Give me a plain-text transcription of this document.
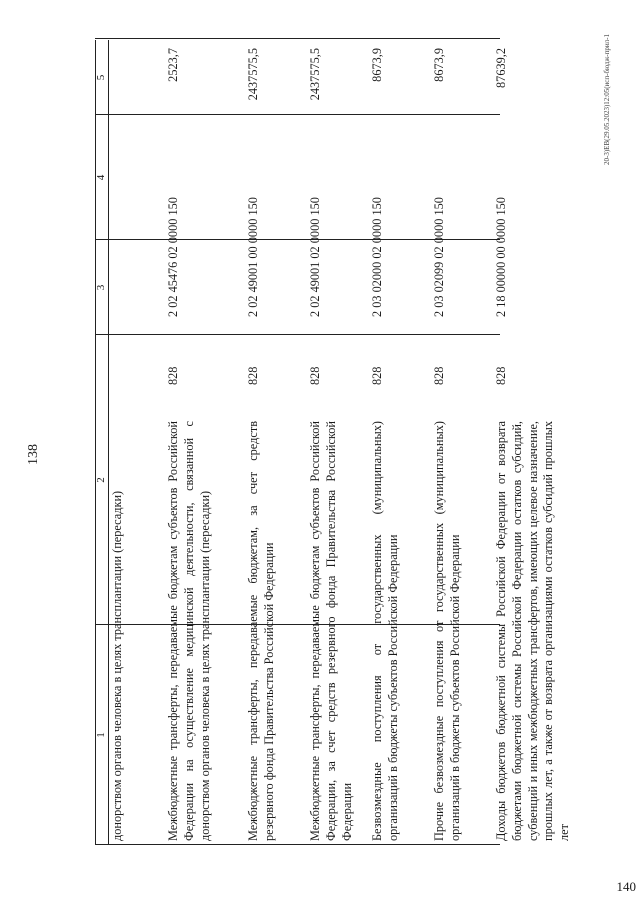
138
1
2
3
4
5
донорством органов человека в целях трансплантации (пересадки)	Межбюджетные трансферты, передаваемые бюджетам субъектов Российской Федерации на осуществление медицинской деятельности, связанной с донорством органов человека в целях трансплантации (пересадки)
828
2 02 45476 02 0000 150
2523,7
Межбюджетные трансферты, передаваемые бюджетам, за счет средств резервного фонда Правительства Российской Федерации
828
2 02 49001 00 0000 150
2437575,5
Межбюджетные трансферты, передаваемые бюджетам субъектов Российской Федерации, за счет средств резервного фонда Правительства Российской Федерации
828
2 02 49001 02 0000 150
2437575,5
Безвозмездные поступления от государственных (муниципальных) организаций в бюджеты субъектов Российской Федерации
828
2 03 02000 02 0000 150
8673,9
Прочие безвозмездные поступления от государственных (муниципальных) организаций в бюджеты субъектов Российской Федерации
828
2 03 02099 02 0000 150
8673,9
Доходы бюджетов бюджетной системы Российской Федерации от возврата бюджетами бюджетной системы Российской Федерации остатков субсидий, субвенций и иных межбюджетных трансфертов, имеющих целевое назначение, прошлых лет, а также от возврата организациями остатков субсидий прошлых лет
828
2 18 00000 00 0000 150
87639,2	20-3)ЕВ(29.05.2023)12:05(исп-бюдж-прил-1
140
